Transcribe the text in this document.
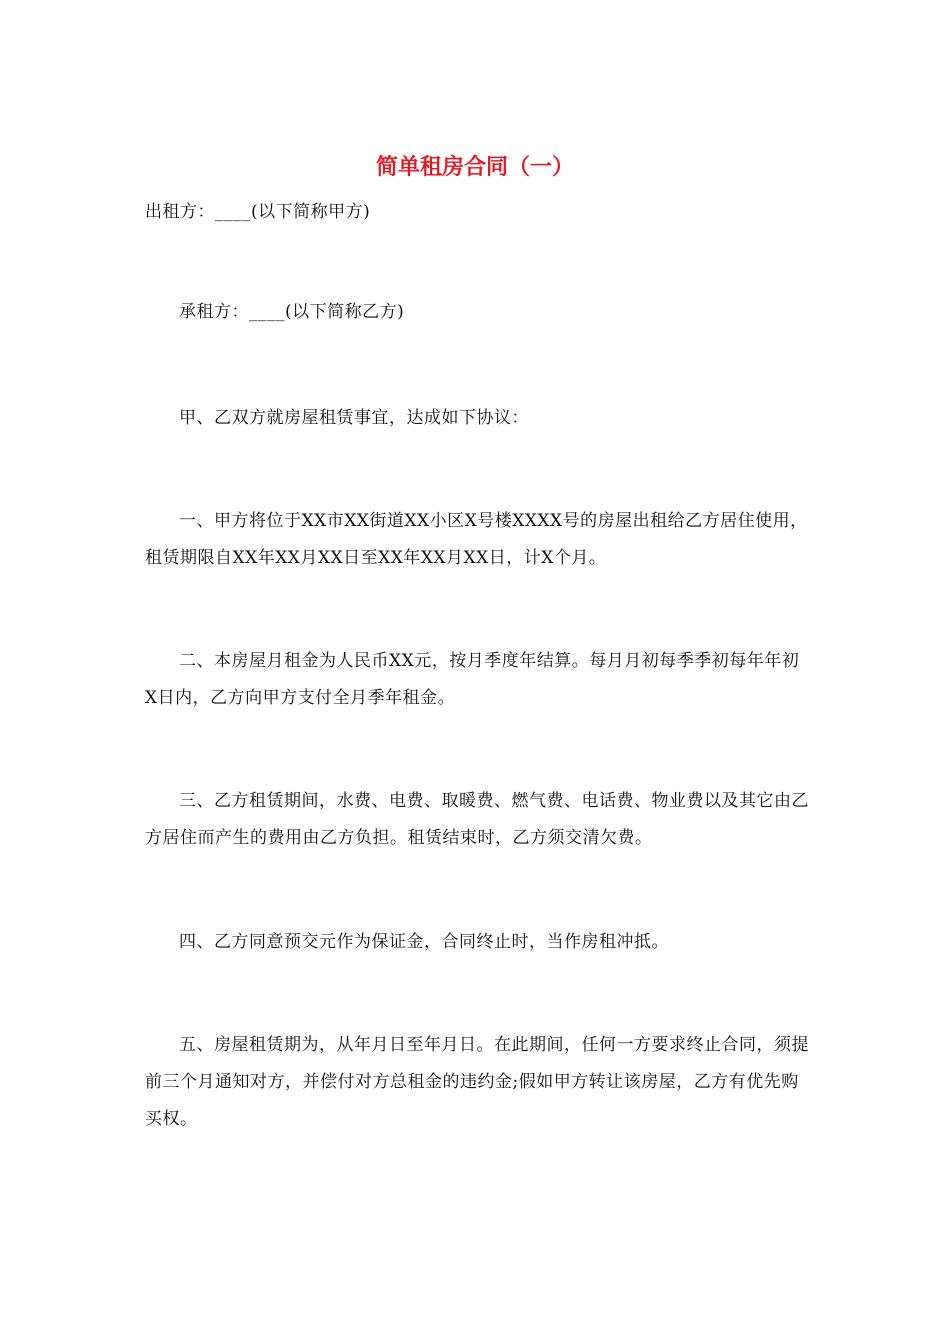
简单租房合同（一）

出租方：____(以下简称甲方)

承租方：____(以下简称乙方)

甲、乙双方就房屋租赁事宜，达成如下协议：

一、甲方将位于XX市XX街道XX小区X号楼XXXX号的房屋出租给乙方居住使用，租赁期限自XX年XX月XX日至XX年XX月XX日，计X个月。

二、本房屋月租金为人民币XX元，按月季度年结算。每月月初每季季初每年年初X日内，乙方向甲方支付全月季年租金。

三、乙方租赁期间，水费、电费、取暖费、燃气费、电话费、物业费以及其它由乙方居住而产生的费用由乙方负担。租赁结束时，乙方须交清欠费。

四、乙方同意预交元作为保证金，合同终止时，当作房租冲抵。

五、房屋租赁期为，从年月日至年月日。在此期间，任何一方要求终止合同，须提前三个月通知对方，并偿付对方总租金的违约金;假如甲方转让该房屋，乙方有优先购买权。
